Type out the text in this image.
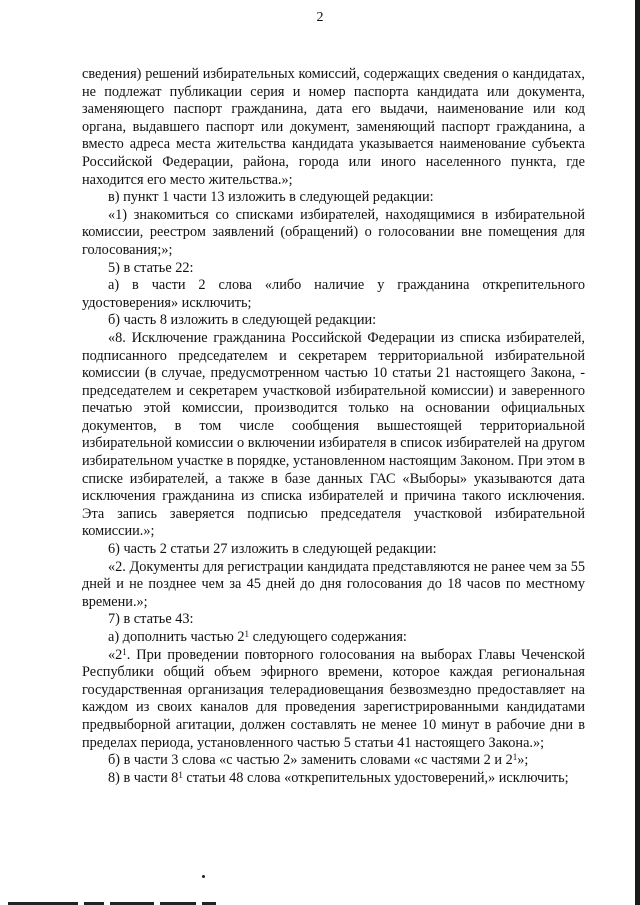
2

сведения) решений избирательных комиссий, содержащих сведения о кандидатах, не подлежат публикации серия и номер паспорта кандидата или документа, заменяющего паспорт гражданина, дата его выдачи, наименование или код органа, выдавшего паспорт или документ, заменяющий паспорт гражданина, а вместо адреса места жительства кандидата указывается наименование субъекта Российской Федерации, района, города или иного населенного пункта, где находится его место жительства.»;

в) пункт 1 части 13 изложить в следующей редакции:

«1) знакомиться со списками избирателей, находящимися в избирательной комиссии, реестром заявлений (обращений) о голосовании вне помещения для голосования;»;

5) в статье 22:

а) в части 2 слова «либо наличие у гражданина открепительного удостоверения» исключить;

б) часть 8 изложить в следующей редакции:

«8. Исключение гражданина Российской Федерации из списка избирателей, подписанного председателем и секретарем территориальной избирательной комиссии (в случае, предусмотренном частью 10 статьи 21 настоящего Закона, - председателем и секретарем участковой избирательной комиссии) и заверенного печатью этой комиссии, производится только на основании официальных документов, в том числе сообщения вышестоящей территориальной избирательной комиссии о включении избирателя в список избирателей на другом избирательном участке в порядке, установленном настоящим Законом. При этом в списке избирателей, а также в базе данных ГАС «Выборы» указываются дата исключения гражданина из списка избирателей и причина такого исключения. Эта запись заверяется подписью председателя участковой избирательной комиссии.»;

6) часть 2 статьи 27 изложить в следующей редакции:

«2. Документы для регистрации кандидата представляются не ранее чем за 55 дней и не позднее чем за 45 дней до дня голосования до 18 часов по местному времени.»;

7) в статье 43:

а) дополнить частью $2^1$ следующего содержания:

«$2^1$. При проведении повторного голосования на выборах Главы Чеченской Республики общий объем эфирного времени, которое каждая региональная государственная организация телерадиовещания безвозмездно предоставляет на каждом из своих каналов для проведения зарегистрированными кандидатами предвыборной агитации, должен составлять не менее 10 минут в рабочие дни в пределах периода, установленного частью 5 статьи 41 настоящего Закона.»;

б) в части 3 слова «с частью 2» заменить словами «с частями 2 и $2^1$»;

8) в части $8^1$ статьи 48 слова «открепительных удостоверений,» исключить;
